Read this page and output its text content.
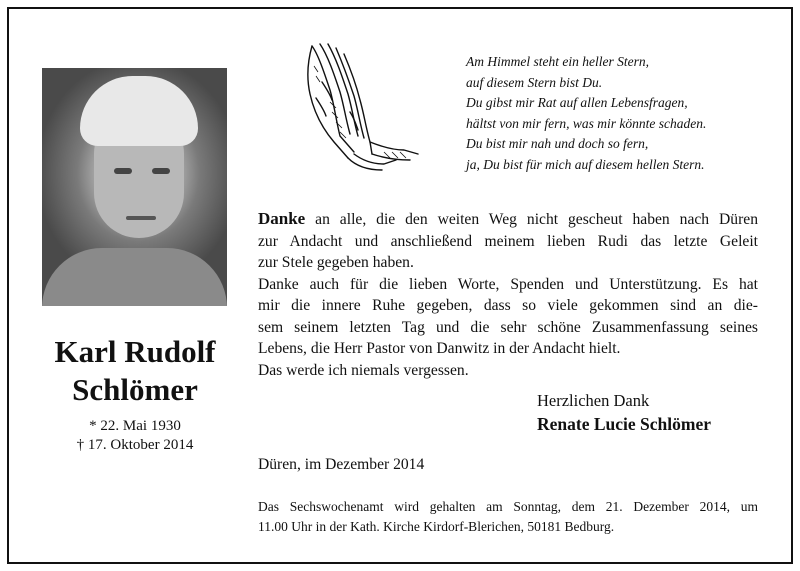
Karl Rudolf
Schlömer
* 22. Mai 1930
† 17. Oktober 2014
Am Himmel steht ein heller Stern,
auf diesem Stern bist Du.
Du gibst mir Rat auf allen Lebensfragen,
hältst von mir fern, was mir könnte schaden.
Du bist mir nah und doch so fern,
ja, Du bist für mich auf diesem hellen Stern.
Danke an alle, die den weiten Weg nicht gescheut haben nach Düren
zur Andacht und anschließend meinem lieben Rudi das letzte Geleit
zur Stele gegeben haben.
Danke auch für die lieben Worte, Spenden und Unterstützung. Es hat
mir die innere Ruhe gegeben, dass so viele gekommen sind an die-
sem seinem letzten Tag und die sehr schöne Zusammenfassung seines
Lebens, die Herr Pastor von Danwitz in der Andacht hielt.
Das werde ich niemals vergessen.
Herzlichen Dank
Renate Lucie Schlömer
Düren, im Dezember 2014
Das Sechswochenamt wird gehalten am Sonntag, dem 21. Dezember 2014, um
11.00 Uhr in der Kath. Kirche Kirdorf-Blerichen, 50181 Bedburg.
